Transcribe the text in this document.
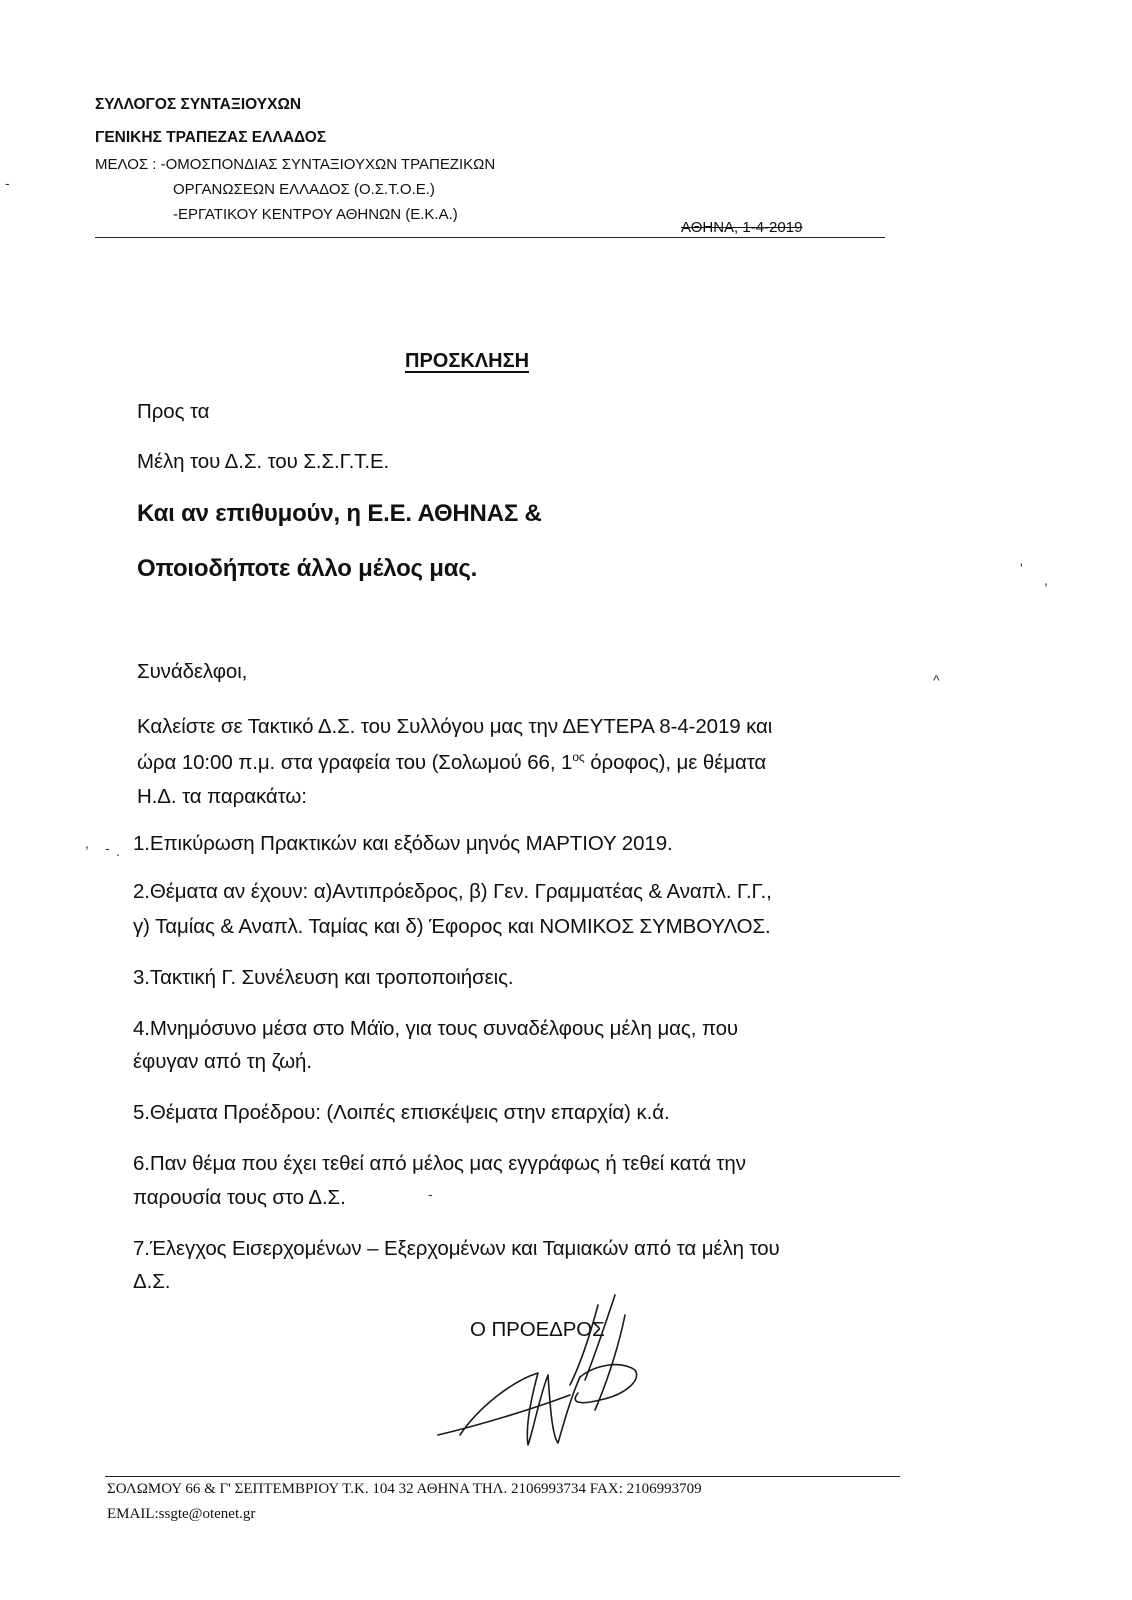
ΣΥΛΛΟΓΟΣ ΣΥΝΤΑΞΙΟΥΧΩΝ
ΓΕΝΙΚΗΣ ΤΡΑΠΕΖΑΣ ΕΛΛΑΔΟΣ
ΜΕΛΟΣ : -ΟΜΟΣΠΟΝΔΙΑΣ ΣΥΝΤΑΞΙΟΥΧΩΝ ΤΡΑΠΕΖΙΚΩΝ
ΟΡΓΑΝΩΣΕΩΝ ΕΛΛΑΔΟΣ (Ο.Σ.Τ.Ο.Ε.)
-ΕΡΓΑΤΙΚΟΥ ΚΕΝΤΡΟΥ ΑΘΗΝΩΝ (Ε.Κ.Α.)
ΑΘΗΝΑ, 1-4-2019
ΠΡΟΣΚΛΗΣΗ
Προς τα
Μέλη του Δ.Σ. του Σ.Σ.Γ.Τ.Ε.
Και αν επιθυμούν, η Ε.Ε. ΑΘΗΝΑΣ &
Οποιοδήποτε άλλο μέλος μας.
Συνάδελφοι,
Καλείστε σε Τακτικό Δ.Σ. του Συλλόγου μας την ΔΕΥΤΕΡΑ 8-4-2019 και
ώρα 10:00 π.μ. στα γραφεία του (Σολωμού 66, $1^{o\varsigma}$ όροφος), με θέματα
Η.Δ. τα παρακάτω:
1.Επικύρωση Πρακτικών και εξόδων μηνός ΜΑΡΤΙΟΥ 2019.
2.Θέματα αν έχουν: α)Αντιπρόεδρος, β) Γεν. Γραμματέας & Αναπλ. Γ.Γ.,
γ) Ταμίας & Αναπλ. Ταμίας και δ) Έφορος και ΝΟΜΙΚΟΣ ΣΥΜΒΟΥΛΟΣ.
3.Τακτική Γ. Συνέλευση και τροποποιήσεις.
4.Μνημόσυνο μέσα στο Μάϊο, για τους συναδέλφους μέλη μας, που
έφυγαν από τη ζωή.
5.Θέματα Προέδρου: (Λοιπές επισκέψεις στην επαρχία) κ.ά.
6.Παν θέμα που έχει τεθεί από μέλος μας εγγράφως ή τεθεί κατά την
παρουσία τους στο Δ.Σ.
7.Έλεγχος Εισερχομένων – Εξερχομένων και Ταμιακών από τα μέλη του
Δ.Σ.
Ο ΠΡΟΕΔΡΟΣ
'
,
^
, - .
-
-
ΣΟΛΩΜΟΥ 66 & Γ' ΣΕΠΤΕΜΒΡΙΟΥ Τ.Κ. 104 32 ΑΘΗΝΑ ΤΗΛ. 2106993734 FAX: 2106993709
EMAIL:ssgte@otenet.gr
